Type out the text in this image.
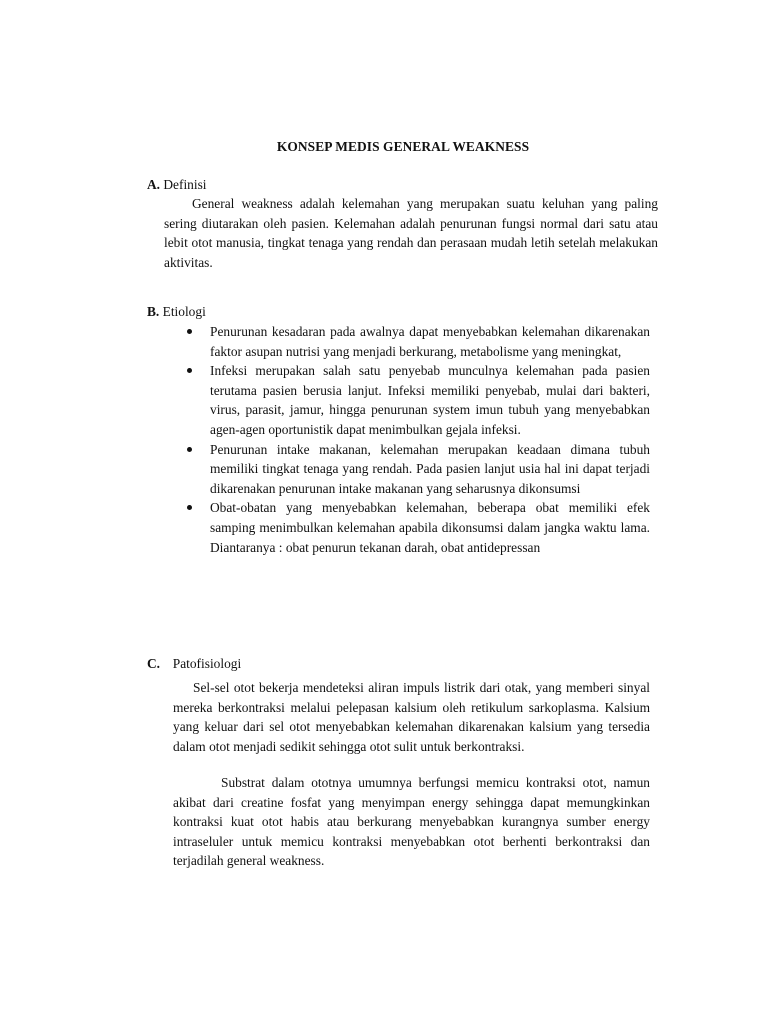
KONSEP MEDIS GENERAL WEAKNESS
A. Definisi

General weakness adalah kelemahan yang merupakan suatu keluhan yang paling sering diutarakan oleh pasien. Kelemahan adalah penurunan fungsi normal dari satu atau lebit otot manusia, tingkat tenaga yang rendah dan perasaan mudah letih setelah melakukan aktivitas.

B. Etiologi
Penurunan kesadaran pada awalnya dapat menyebabkan kelemahan dikarenakan faktor asupan nutrisi yang menjadi berkurang, metabolisme yang meningkat,
Infeksi merupakan salah satu penyebab munculnya kelemahan pada pasien terutama pasien berusia lanjut. Infeksi memiliki penyebab, mulai dari bakteri, virus, parasit, jamur, hingga penurunan system imun tubuh yang menyebabkan agen-agen oportunistik dapat menimbulkan gejala infeksi.
Penurunan intake makanan, kelemahan merupakan keadaan dimana tubuh memiliki tingkat tenaga yang rendah. Pada pasien lanjut usia hal ini dapat terjadi dikarenakan penurunan intake makanan yang seharusnya dikonsumsi
Obat-obatan yang menyebabkan kelemahan, beberapa obat memiliki efek samping menimbulkan kelemahan apabila dikonsumsi dalam jangka waktu lama. Diantaranya : obat penurun tekanan darah, obat antidepressan
C. Patofisiologi

Sel-sel otot bekerja mendeteksi aliran impuls listrik dari otak, yang memberi sinyal mereka berkontraksi melalui pelepasan kalsium oleh retikulum sarkoplasma. Kalsium yang keluar dari sel otot menyebabkan kelemahan dikarenakan kalsium yang tersedia dalam otot menjadi sedikit sehingga otot sulit untuk berkontraksi.

Substrat dalam ototnya umumnya berfungsi memicu kontraksi otot, namun akibat dari creatine fosfat yang menyimpan energy sehingga dapat memungkinkan kontraksi kuat otot habis atau berkurang menyebabkan kurangnya sumber energy intraseluler untuk memicu kontraksi menyebabkan otot berhenti berkontraksi dan terjadilah general weakness.
